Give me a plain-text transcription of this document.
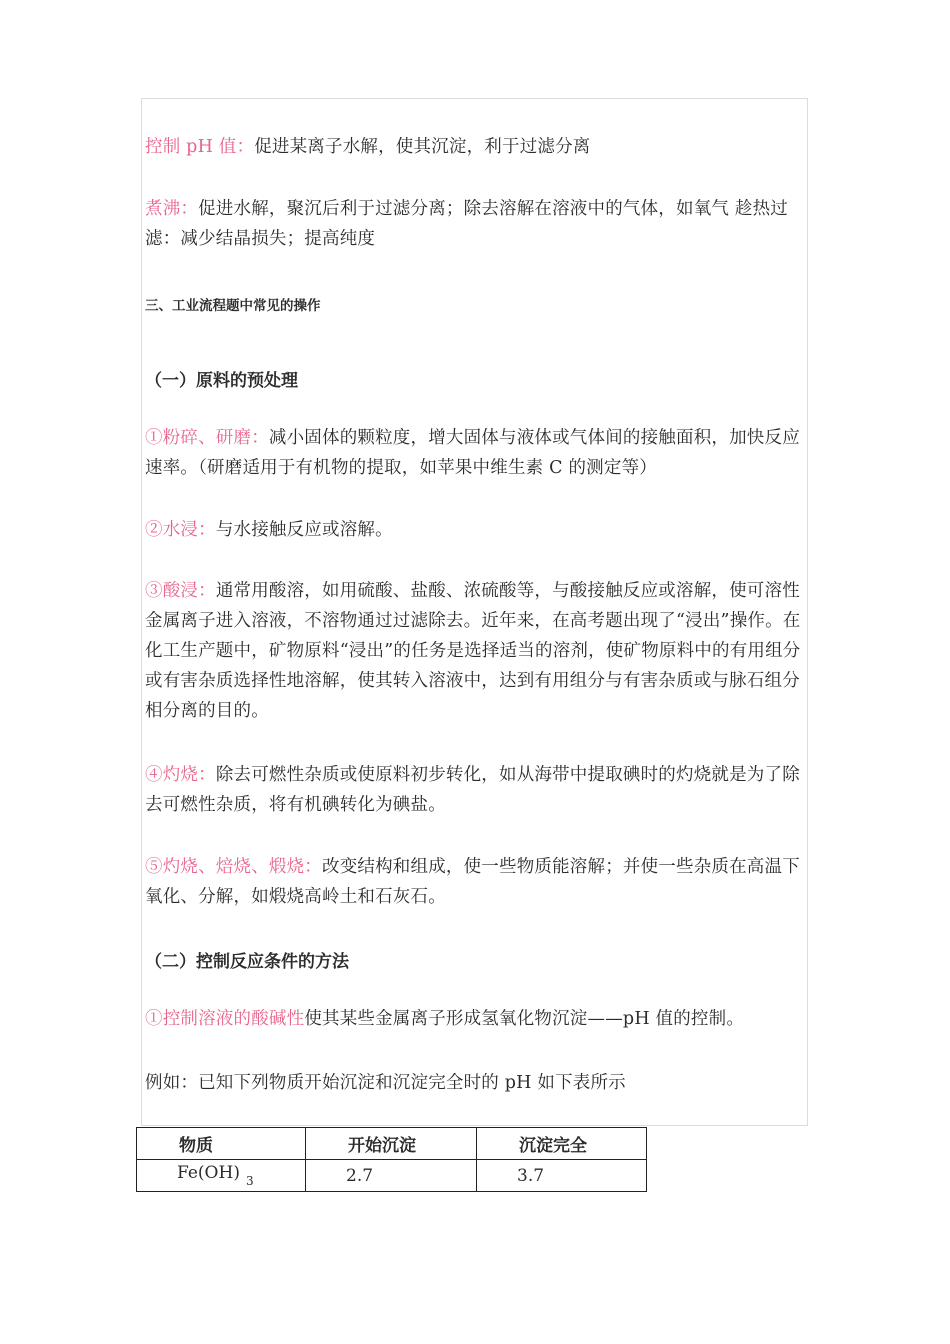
控制 pH 值：促进某离子水解，使其沉淀，利于过滤分离
煮沸：促进水解，聚沉后利于过滤分离；除去溶解在溶液中的气体，如氧气 趁热过滤：减少结晶损失；提高纯度
三、工业流程题中常见的操作
（一）原料的预处理
①粉碎、研磨：减小固体的颗粒度，增大固体与液体或气体间的接触面积，加快反应速率。（研磨适用于有机物的提取，如苹果中维生素 C 的测定等）
②水浸：与水接触反应或溶解。
③酸浸：通常用酸溶，如用硫酸、盐酸、浓硫酸等，与酸接触反应或溶解，使可溶性金属离子进入溶液，不溶物通过过滤除去。近年来，在高考题出现了“浸出”操作。在化工生产题中，矿物原料“浸出”的任务是选择适当的溶剂，使矿物原料中的有用组分或有害杂质选择性地溶解，使其转入溶液中，达到有用组分与有害杂质或与脉石组分相分离的目的。
④灼烧：除去可燃性杂质或使原料初步转化，如从海带中提取碘时的灼烧就是为了除去可燃性杂质，将有机碘转化为碘盐。
⑤灼烧、焙烧、煅烧：改变结构和组成，使一些物质能溶解；并使一些杂质在高温下氧化、分解，如煅烧高岭土和石灰石。
（二）控制反应条件的方法
①控制溶液的酸碱性使其某些金属离子形成氢氧化物沉淀——pH 值的控制。
例如：已知下列物质开始沉淀和沉淀完全时的 pH 如下表所示
物质	开始沉淀	沉淀完全
Fe(OH) $_3$	2.7	3.7
